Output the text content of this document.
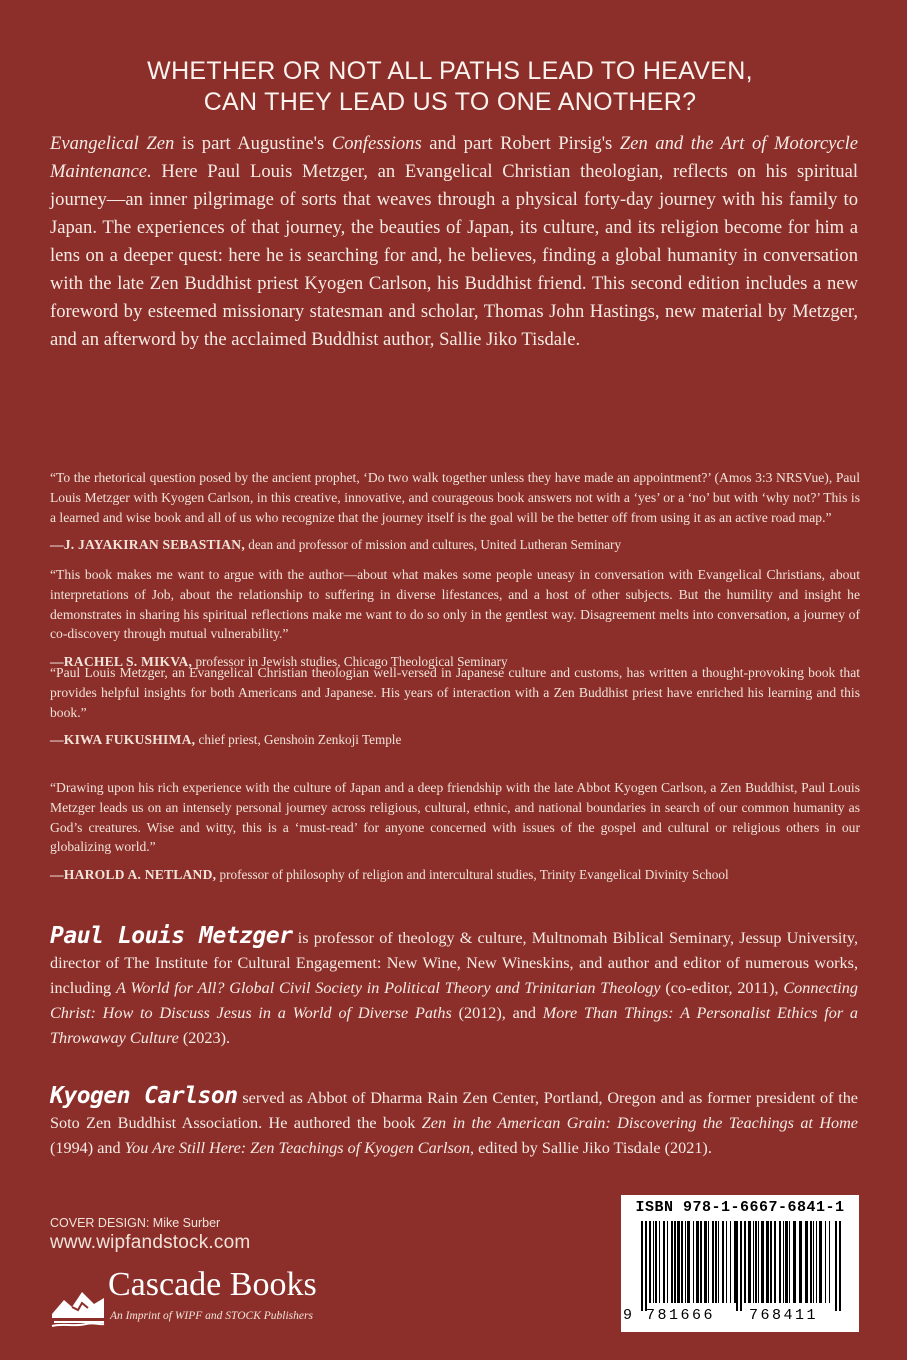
WHETHER OR NOT ALL PATHS LEAD TO HEAVEN,
CAN THEY LEAD US TO ONE ANOTHER?
Evangelical Zen is part Augustine's Confessions and part Robert Pirsig's Zen and the Art of Motorcycle Maintenance. Here Paul Louis Metzger, an Evangelical Christian theologian, reflects on his spiritual journey—an inner pilgrimage of sorts that weaves through a physical forty-day journey with his family to Japan. The experiences of that journey, the beauties of Japan, its culture, and its religion become for him a lens on a deeper quest: here he is searching for and, he believes, finding a global humanity in conversation with the late Zen Buddhist priest Kyogen Carlson, his Buddhist friend. This second edition includes a new foreword by esteemed missionary statesman and scholar, Thomas John Hastings, new material by Metzger, and an afterword by the acclaimed Buddhist author, Sallie Jiko Tisdale.
“To the rhetorical question posed by the ancient prophet, ‘Do two walk together unless they have made an appointment?’ (Amos 3:3 NRSVue), Paul Louis Metzger with Kyogen Carlson, in this creative, innovative, and courageous book answers not with a ‘yes’ or a ‘no’ but with ‘why not?’ This is a learned and wise book and all of us who recognize that the journey itself is the goal will be the better off from using it as an active road map.”
—J. JAYAKIRAN SEBASTIAN, dean and professor of mission and cultures, United Lutheran Seminary
“This book makes me want to argue with the author—about what makes some people uneasy in conversation with Evangelical Christians, about interpretations of Job, about the relationship to suffering in diverse lifestances, and a host of other subjects. But the humility and insight he demonstrates in sharing his spiritual reflections make me want to do so only in the gentlest way. Disagreement melts into conversation, a journey of co-discovery through mutual vulnerability.”
—RACHEL S. MIKVA, professor in Jewish studies, Chicago Theological Seminary
“Paul Louis Metzger, an Evangelical Christian theologian well-versed in Japanese culture and customs, has written a thought-provoking book that provides helpful insights for both Americans and Japanese. His years of interaction with a Zen Buddhist priest have enriched his learning and this book.”
—KIWA FUKUSHIMA, chief priest, Genshoin Zenkoji Temple
“Drawing upon his rich experience with the culture of Japan and a deep friendship with the late Abbot Kyogen Carlson, a Zen Buddhist, Paul Louis Metzger leads us on an intensely personal journey across religious, cultural, ethnic, and national boundaries in search of our common humanity as God’s creatures. Wise and witty, this is a ‘must-read’ for anyone concerned with issues of the gospel and cultural or religious others in our globalizing world.”
—HAROLD A. NETLAND, professor of philosophy of religion and intercultural studies, Trinity Evangelical Divinity School
Paul Louis Metzger is professor of theology & culture, Multnomah Biblical Seminary, Jessup University, director of The Institute for Cultural Engagement: New Wine, New Wineskins, and author and editor of numerous works, including A World for All? Global Civil Society in Political Theory and Trinitarian Theology (co-editor, 2011), Connecting Christ: How to Discuss Jesus in a World of Diverse Paths (2012), and More Than Things: A Personalist Ethics for a Throwaway Culture (2023).
Kyogen Carlson served as Abbot of Dharma Rain Zen Center, Portland, Oregon and as former president of the Soto Zen Buddhist Association. He authored the book Zen in the American Grain: Discovering the Teachings at Home (1994) and You Are Still Here: Zen Teachings of Kyogen Carlson, edited by Sallie Jiko Tisdale (2021).
COVER DESIGN: Mike Surber
www.wipfandstock.com
Cascade Books
An Imprint of WIPF and STOCK Publishers
ISBN 978-1-6667-6841-1
9 781666 768411
